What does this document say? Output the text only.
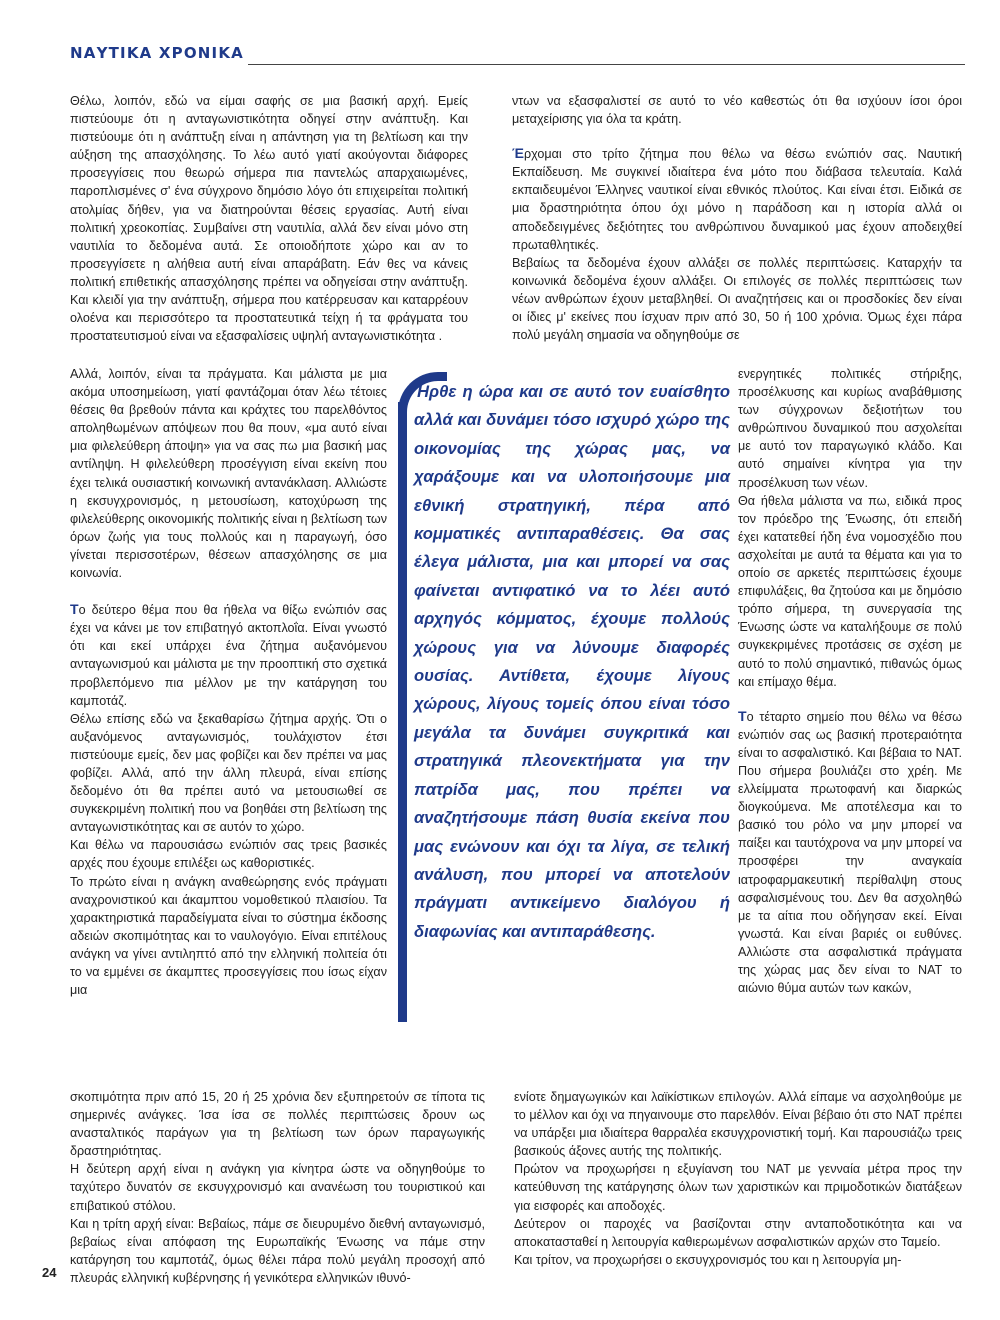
ΝΑΥΤΙΚΑ ΧΡΟΝΙΚΑ

Θέλω, λοιπόν, εδώ να είμαι σαφής σε μια βασική αρχή. Εμείς πιστεύουμε ότι η ανταγωνιστικότητα οδηγεί στην ανάπτυξη. Και πιστεύουμε ότι η ανάπτυξη είναι η απάντηση για τη βελτίωση και την αύξηση της απασχόλησης. Το λέω αυτό γιατί ακούγονται διάφορες προσεγγίσεις που θεωρώ σήμερα πια παντελώς απαρχαιωμένες, παροπλισμένες σ' ένα σύγχρονο δημόσιο λόγο ότι επιχειρείται πολιτική ατολμίας δήθεν, για να διατηρούνται θέσεις εργασίας. Αυτή είναι πολιτική χρεοκοπίας. Συμβαίνει στη ναυτιλία, αλλά δεν είναι μόνο στη ναυτιλία το δεδομένα αυτά. Σε οποιοδήποτε χώρο και αν το προσεγγίσετε η αλήθεια αυτή είναι απαράβατη. Εάν θες να κάνεις πολιτική επιθετικής απασχόλησης πρέπει να οδηγείσαι στην ανάπτυξη. Και κλειδί για την ανάπτυξη, σήμερα που κατέρρευσαν και καταρρέουν ολοένα και περισσότερο τα προστατευτικά τείχη ή τα φράγματα του προστατευτισμού είναι να εξασφαλίσεις υψηλή ανταγωνιστικότητα .

Αλλά, λοιπόν, είναι τα πράγματα. Και μάλιστα με μια ακόμα υποσημείωση, γιατί φαντάζομαι όταν λέω τέτοιες θέσεις θα βρεθούν πάντα και κράχτες του παρελθόντος αποληθωμένων απόψεων που θα πουν, «μα αυτό είναι μια φιλελεύθερη άποψη» για να σας πω μια βασική μας αντίληψη. Η φιλελεύθερη προσέγγιση είναι εκείνη που έχει τελικά ουσιαστική κοινωνική αντανάκλαση. Αλλιώστε η εκσυγχρονισμός, η μετουσίωση, κατοχύρωση της φιλελεύθερης οικονομικής πολιτικής είναι η βελτίωση των όρων ζωής για τους πολλούς και η παραγωγή, όσο γίνεται περισσοτέρων, θέσεων απασχόλησης σε μια κοινωνία.

Το δεύτερο θέμα που θα ήθελα να θίξω ενώπιόν σας έχει να κάνει με τον επιβατηγό ακτοπλοΐα. Είναι γνωστό ότι και εκεί υπάρχει ένα ζήτημα αυξανόμενου ανταγωνισμού και μάλιστα με την προοπτική στο σχετικά προβλεπόμενο πια μέλλον με την κατάργηση του καμποτάζ.

Θέλω επίσης εδώ να ξεκαθαρίσω ζήτημα αρχής. Ότι ο αυξανόμενος ανταγωνισμός, τουλάχιστον έτσι πιστεύουμε εμείς, δεν μας φοβίζει και δεν πρέπει να μας φοβίζει. Αλλά, από την άλλη πλευρά, είναι επίσης δεδομένο ότι θα πρέπει αυτό να μετουσιωθεί σε συγκεκριμένη πολιτική που να βοηθάει στη βελτίωση της ανταγωνιστικότητας και σε αυτόν το χώρο.

Και θέλω να παρουσιάσω ενώπιόν σας τρεις βασικές αρχές που έχουμε επιλέξει ως καθοριστικές.

Το πρώτο είναι η ανάγκη αναθεώρησης ενός πράγματι αναχρονιστικού και άκαμπτου νομοθετικού πλαισίου. Τα χαρακτηριστικά παραδείγματα είναι το σύστημα έκδοσης αδειών σκοπιμότητας και το ναυλογόγιο. Είναι επιτέλους ανάγκη να γίνει αντιληπτό από την ελληνική πολιτεία ότι το να εμμένει σε άκαμπτες προσεγγίσεις που ίσως είχαν μια

σκοπιμότητα πριν από 15, 20 ή 25 χρόνια δεν εξυπηρετούν σε τίποτα τις σημερινές ανάγκες. Ίσα ίσα σε πολλές περιπτώσεις δρουν ως ανασταλτικός παράγων για τη βελτίωση των όρων παραγωγικής δραστηριότητας.

Η δεύτερη αρχή είναι η ανάγκη για κίνητρα ώστε να οδηγηθούμε το ταχύτερο δυνατόν σε εκσυγχρονισμό και ανανέωση του τουριστικού και επιβατικού στόλου.

Και η τρίτη αρχή είναι: Βεβαίως, πάμε σε διευρυμένο διεθνή ανταγωνισμό, βεβαίως είναι απόφαση της Ευρωπαϊκής Ένωσης να πάμε στην κατάργηση του καμποτάζ, όμως θέλει πάρα πολύ μεγάλη προσοχή από πλευράς ελληνική κυβέρνησης ή γενικότερα ελληνικών ιθυνό-

ντων να εξασφαλιστεί σε αυτό το νέο καθεστώς ότι θα ισχύουν ίσοι όροι μεταχείρισης για όλα τα κράτη.

Έρχομαι στο τρίτο ζήτημα που θέλω να θέσω ενώπιόν σας. Ναυτική Εκπαίδευση. Με συγκινεί ιδιαίτερα ένα μότο που διάβασα τελευταία. Καλά εκπαιδευμένοι Έλληνες ναυτικοί είναι εθνικός πλούτος. Και είναι έτσι. Ειδικά σε μια δραστηριότητα όπου όχι μόνο η παράδοση και η ιστορία αλλά οι αποδεδειγμένες δεξιότητες του ανθρώπινου δυναμικού μας έχουν αποδειχθεί πρωταθλητικές.

Βεβαίως τα δεδομένα έχουν αλλάξει σε πολλές περιπτώσεις. Καταρχήν τα κοινωνικά δεδομένα έχουν αλλάξει. Οι επιλογές σε πολλές περιπτώσεις των νέων ανθρώπων έχουν μεταβληθεί. Οι αναζητήσεις και οι προσδοκίες δεν είναι οι ίδιες μ' εκείνες που ίσχυαν πριν από 30, 50 ή 100 χρόνια. Όμως έχει πάρα πολύ μεγάλη σημασία να οδηγηθούμε σε

ενεργητικές πολιτικές στήριξης, προσέλκυσης και κυρίως αναβάθμισης των σύγχρονων δεξιοτήτων του ανθρώπινου δυναμικού που ασχολείται με αυτό τον παραγωγικό κλάδο. Και αυτό σημαίνει κίνητρα για την προσέλκυση των νέων.

Θα ήθελα μάλιστα να πω, ειδικά προς τον πρόεδρο της Ένωσης, ότι επειδή έχει κατατεθεί ήδη ένα νομοσχέδιο που ασχολείται με αυτά τα θέματα και για το οποίο σε αρκετές περιπτώσεις έχουμε επιφυλάξεις, θα ζητούσα και με δημόσιο τρόπο σήμερα, τη συνεργασία της Ένωσης ώστε να καταλήξουμε σε πολύ συγκεκριμένες προτάσεις σε σχέση με αυτό το πολύ σημαντικό, πιθανώς όμως και επίμαχο θέμα.

Το τέταρτο σημείο που θέλω να θέσω ενώπιόν σας ως βασική προτεραιότητα είναι το ασφαλιστικό. Και βέβαια το ΝΑΤ. Που σήμερα βουλιάζει στο χρέη. Με ελλείμματα πρωτοφανή και διαρκώς διογκούμενα. Με αποτέλεσμα και το βασικό του ρόλο να μην μπορεί να παίξει και ταυτόχρονα να μην μπορεί να προσφέρει την αναγκαία ιατροφαρμακευτική περίθαλψη στους ασφαλισμένους του. Δεν θα ασχοληθώ με τα αίτια που οδήγησαν εκεί. Είναι γνωστά. Και είναι βαριές οι ευθύνες. Αλλιώστε στα ασφαλιστικά πράγματα της χώρας μας δεν είναι το ΝΑΤ το αιώνιο θύμα αυτών των κακών,

ενίοτε δημαγωγικών και λαϊκίστικων επιλογών. Αλλά είπαμε να ασχοληθούμε με το μέλλον και όχι να πηγαινουμε στο παρελθόν. Είναι βέβαιο ότι στο ΝΑΤ πρέπει να υπάρξει μια ιδιαίτερα θαρραλέα εκσυγχρονιστική τομή. Και παρουσιάζω τρεις βασικούς άξονες αυτής της πολιτικής.

Πρώτον να προχωρήσει η εξυγίανση του ΝΑΤ με γενναία μέτρα προς την κατεύθυνση της κατάργησης όλων των χαριστικών και πριμοδοτικών διατάξεων για εισφορές και αποδοχές.

Δεύτερον οι παροχές να βασίζονται στην ανταποδοτικότητα και να αποκατασταθεί η λειτουργία καθιερωμένων ασφαλιστικών αρχών στο Ταμείο.

Και τρίτον, να προχωρήσει ο εκσυγχρονισμός του και η λειτουργία μη-

Ήρθε η ώρα και σε αυτό τον ευαίσθητο αλλά και δυνάμει τόσο ισχυρό χώρο της οικονομίας της χώρας μας, να χαράξουμε και να υλοποιήσουμε μια εθνική στρατηγική, πέρα από κομματικές αντιπαραθέσεις. Θα σας έλεγα μάλιστα, μια και μπορεί να σας φαίνεται αντιφατικό να το λέει αυτό αρχηγός κόμματος, έχουμε πολλούς χώρους για να λύνουμε διαφορές ουσίας. Αντίθετα, έχουμε λίγους χώρους, λίγους τομείς όπου είναι τόσο μεγάλα τα δυνάμει συγκριτικά και στρατηγικά πλεονεκτήματα για την πατρίδα μας, που πρέπει να αναζητήσουμε πάση θυσία εκείνα που μας ενώνουν και όχι τα λίγα, σε τελική ανάλυση, που μπορεί να αποτελούν πράγματι αντικείμενο διαλόγου ή διαφωνίας και αντιπαράθεσης.

24
